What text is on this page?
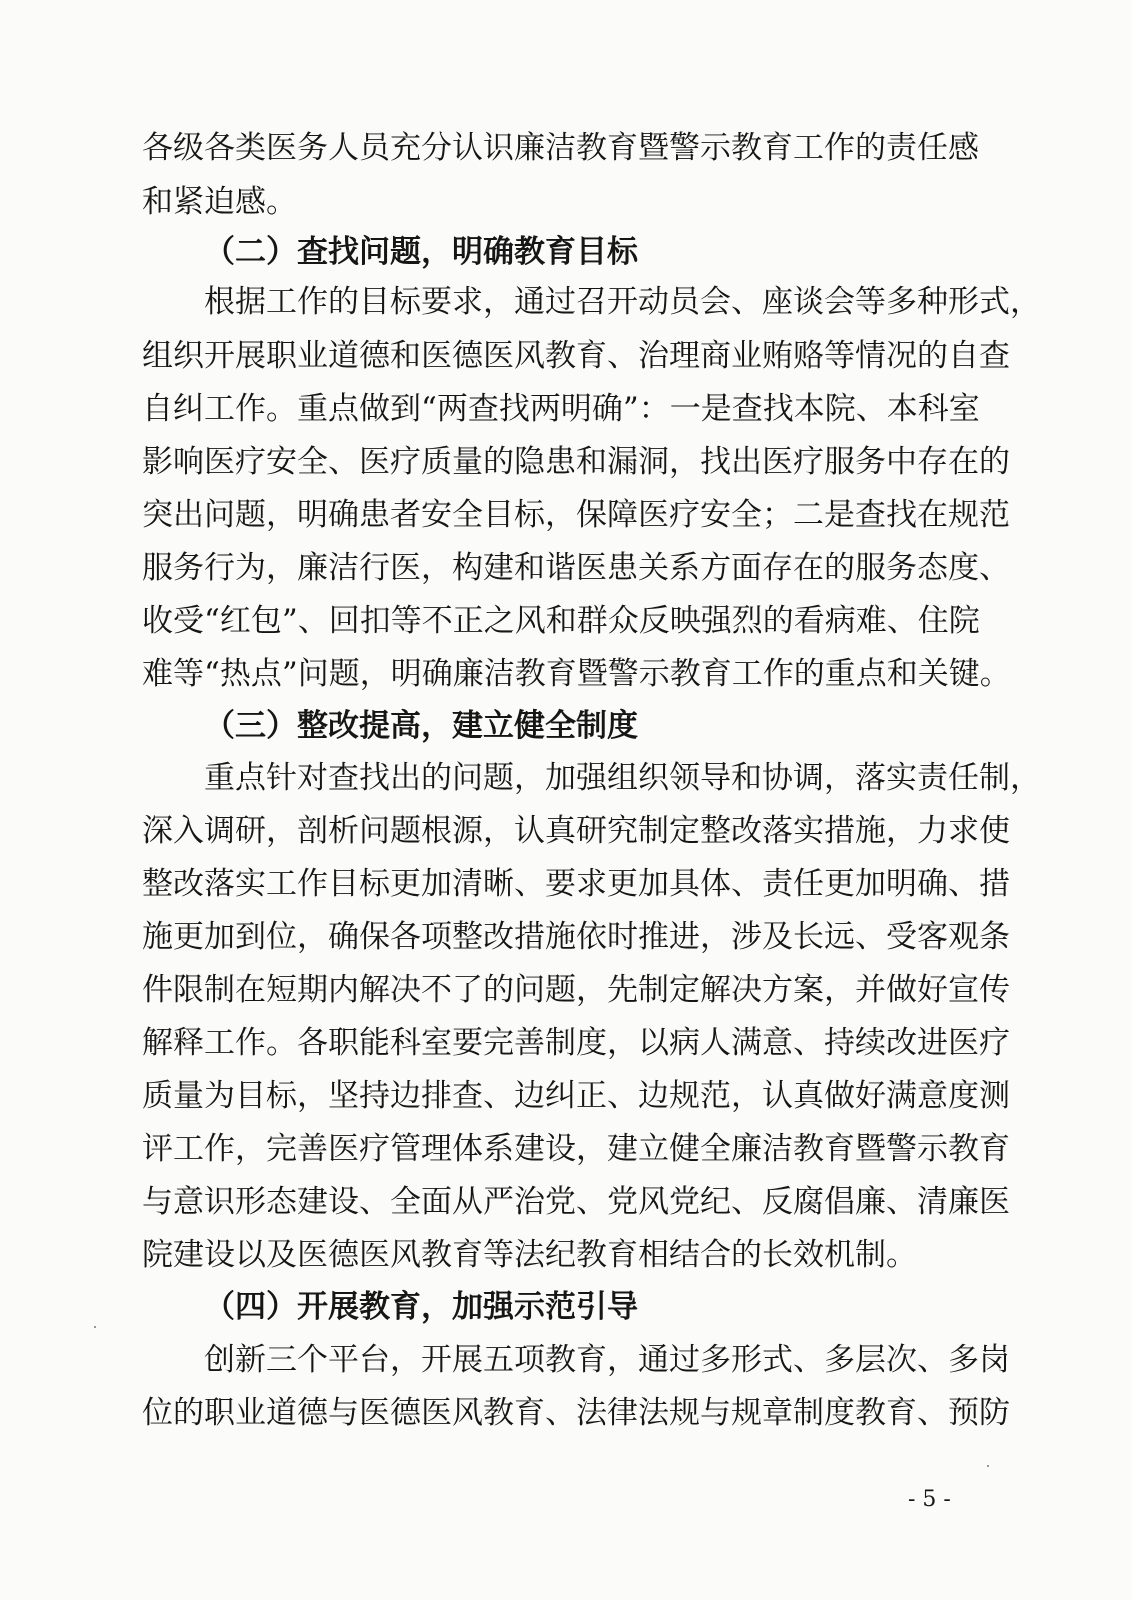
各级各类医务人员充分认识廉洁教育暨警示教育工作的责任感
和紧迫感。
（二）查找问题，明确教育目标
根据工作的目标要求，通过召开动员会、座谈会等多种形式，
组织开展职业道德和医德医风教育、治理商业贿赂等情况的自查
自纠工作。重点做到“两查找两明确”：一是查找本院、本科室
影响医疗安全、医疗质量的隐患和漏洞，找出医疗服务中存在的
突出问题，明确患者安全目标，保障医疗安全；二是查找在规范
服务行为，廉洁行医，构建和谐医患关系方面存在的服务态度、
收受“红包”、回扣等不正之风和群众反映强烈的看病难、住院
难等“热点”问题，明确廉洁教育暨警示教育工作的重点和关键。
（三）整改提高，建立健全制度
重点针对查找出的问题，加强组织领导和协调，落实责任制，
深入调研，剖析问题根源，认真研究制定整改落实措施，力求使
整改落实工作目标更加清晰、要求更加具体、责任更加明确、措
施更加到位，确保各项整改措施依时推进，涉及长远、受客观条
件限制在短期内解决不了的问题，先制定解决方案，并做好宣传
解释工作。各职能科室要完善制度，以病人满意、持续改进医疗
质量为目标，坚持边排查、边纠正、边规范，认真做好满意度测
评工作，完善医疗管理体系建设，建立健全廉洁教育暨警示教育
与意识形态建设、全面从严治党、党风党纪、反腐倡廉、清廉医
院建设以及医德医风教育等法纪教育相结合的长效机制。
（四）开展教育，加强示范引导
创新三个平台，开展五项教育，通过多形式、多层次、多岗
位的职业道德与医德医风教育、法律法规与规章制度教育、预防
- 5 -
